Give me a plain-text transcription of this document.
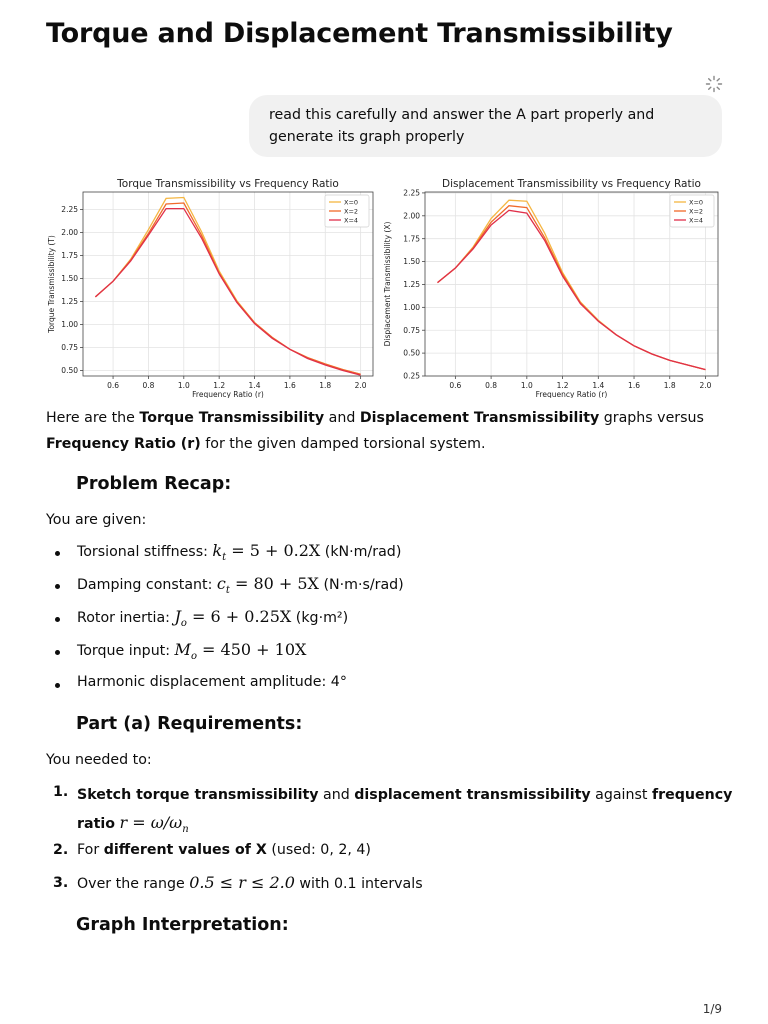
Torque and Displacement Transmissibility
read this carefully and answer the A part properly and
generate its graph properly
Torque Transmissibility vs Frequency Ratio
0.6	0.8	1.0	1.2	1.4	1.6	1.8	2.0
0.50
0.75
1.00
1.25
1.50
1.75
2.00
2.25
Frequency Ratio (r)
Torque Transmissibility (T)
X=0
X=2
X=4
Displacement Transmissibility vs Frequency Ratio
0.6	0.8	1.0	1.2	1.4	1.6	1.8	2.0
0.25
0.50
0.75
1.00
1.25
1.50
1.75
2.00
2.25
Frequency Ratio (r)
Displacement Transmissibility (X)
X=0
X=2
X=4

Here are the Torque Transmissibility and Displacement Transmissibility graphs versus
Frequency Ratio (r) for the given damped torsional system.

Problem Recap:
You are given:
Torsional stiffness: $k_t = 5 + 0.2X$ (kN·m/rad)
Damping constant: $c_t = 80 + 5X$ (N·m·s/rad)
Rotor inertia: $J_o = 6 + 0.25X$ (kg·m²)
Torque input: $M_o = 450 + 10X$
Harmonic displacement amplitude: 4°
Part (a) Requirements:
You needed to:
1. Sketch torque transmissibility and displacement transmissibility against frequency
ratio $r = \omega/\omega_n$
2. For different values of X (used: 0, 2, 4)
3. Over the range 0.5 ≤ r ≤ 2.0 with 0.1 intervals
Graph Interpretation:
1/9
